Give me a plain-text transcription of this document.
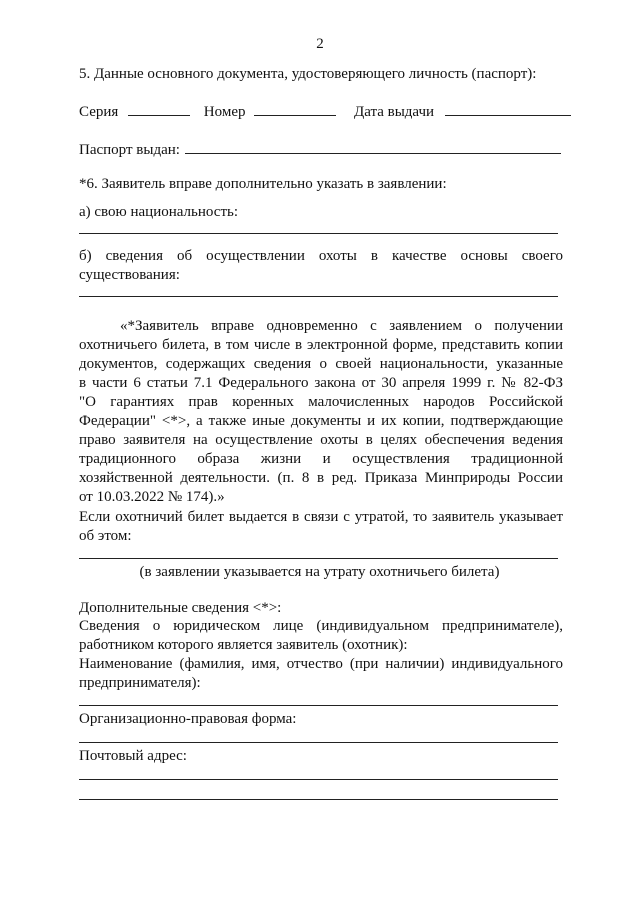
2
5. Данные основного документа, удостоверяющего личность (паспорт):
Серия	Номер	Дата выдачи
Паспорт выдан:
*6. Заявитель вправе дополнительно указать в заявлении:
а) свою национальность:
б) сведения об осуществлении охоты в качестве основы своего
существования:
«*Заявитель вправе одновременно с заявлением о получении
охотничьего билета, в том числе в электронной форме, представить копии
документов, содержащих сведения о своей национальности, указанные
в части 6 статьи 7.1 Федерального закона от 30 апреля 1999 г. № 82-ФЗ
"О гарантиях прав коренных малочисленных народов Российской
Федерации" <*>, а также иные документы и их копии, подтверждающие
право заявителя на осуществление охоты в целях обеспечения ведения
традиционного образа жизни и осуществления традиционной
хозяйственной деятельности. (п. 8 в ред. Приказа Минприроды России
от 10.03.2022 № 174).»
Если охотничий билет выдается в связи с утратой, то заявитель указывает
об этом:
(в заявлении указывается на утрату охотничьего билета)
Дополнительные сведения <*>:
Сведения о юридическом лице (индивидуальном предпринимателе),
работником которого является заявитель (охотник):
Наименование (фамилия, имя, отчество (при наличии) индивидуального
предпринимателя):
Организационно-правовая форма:
Почтовый адрес:
